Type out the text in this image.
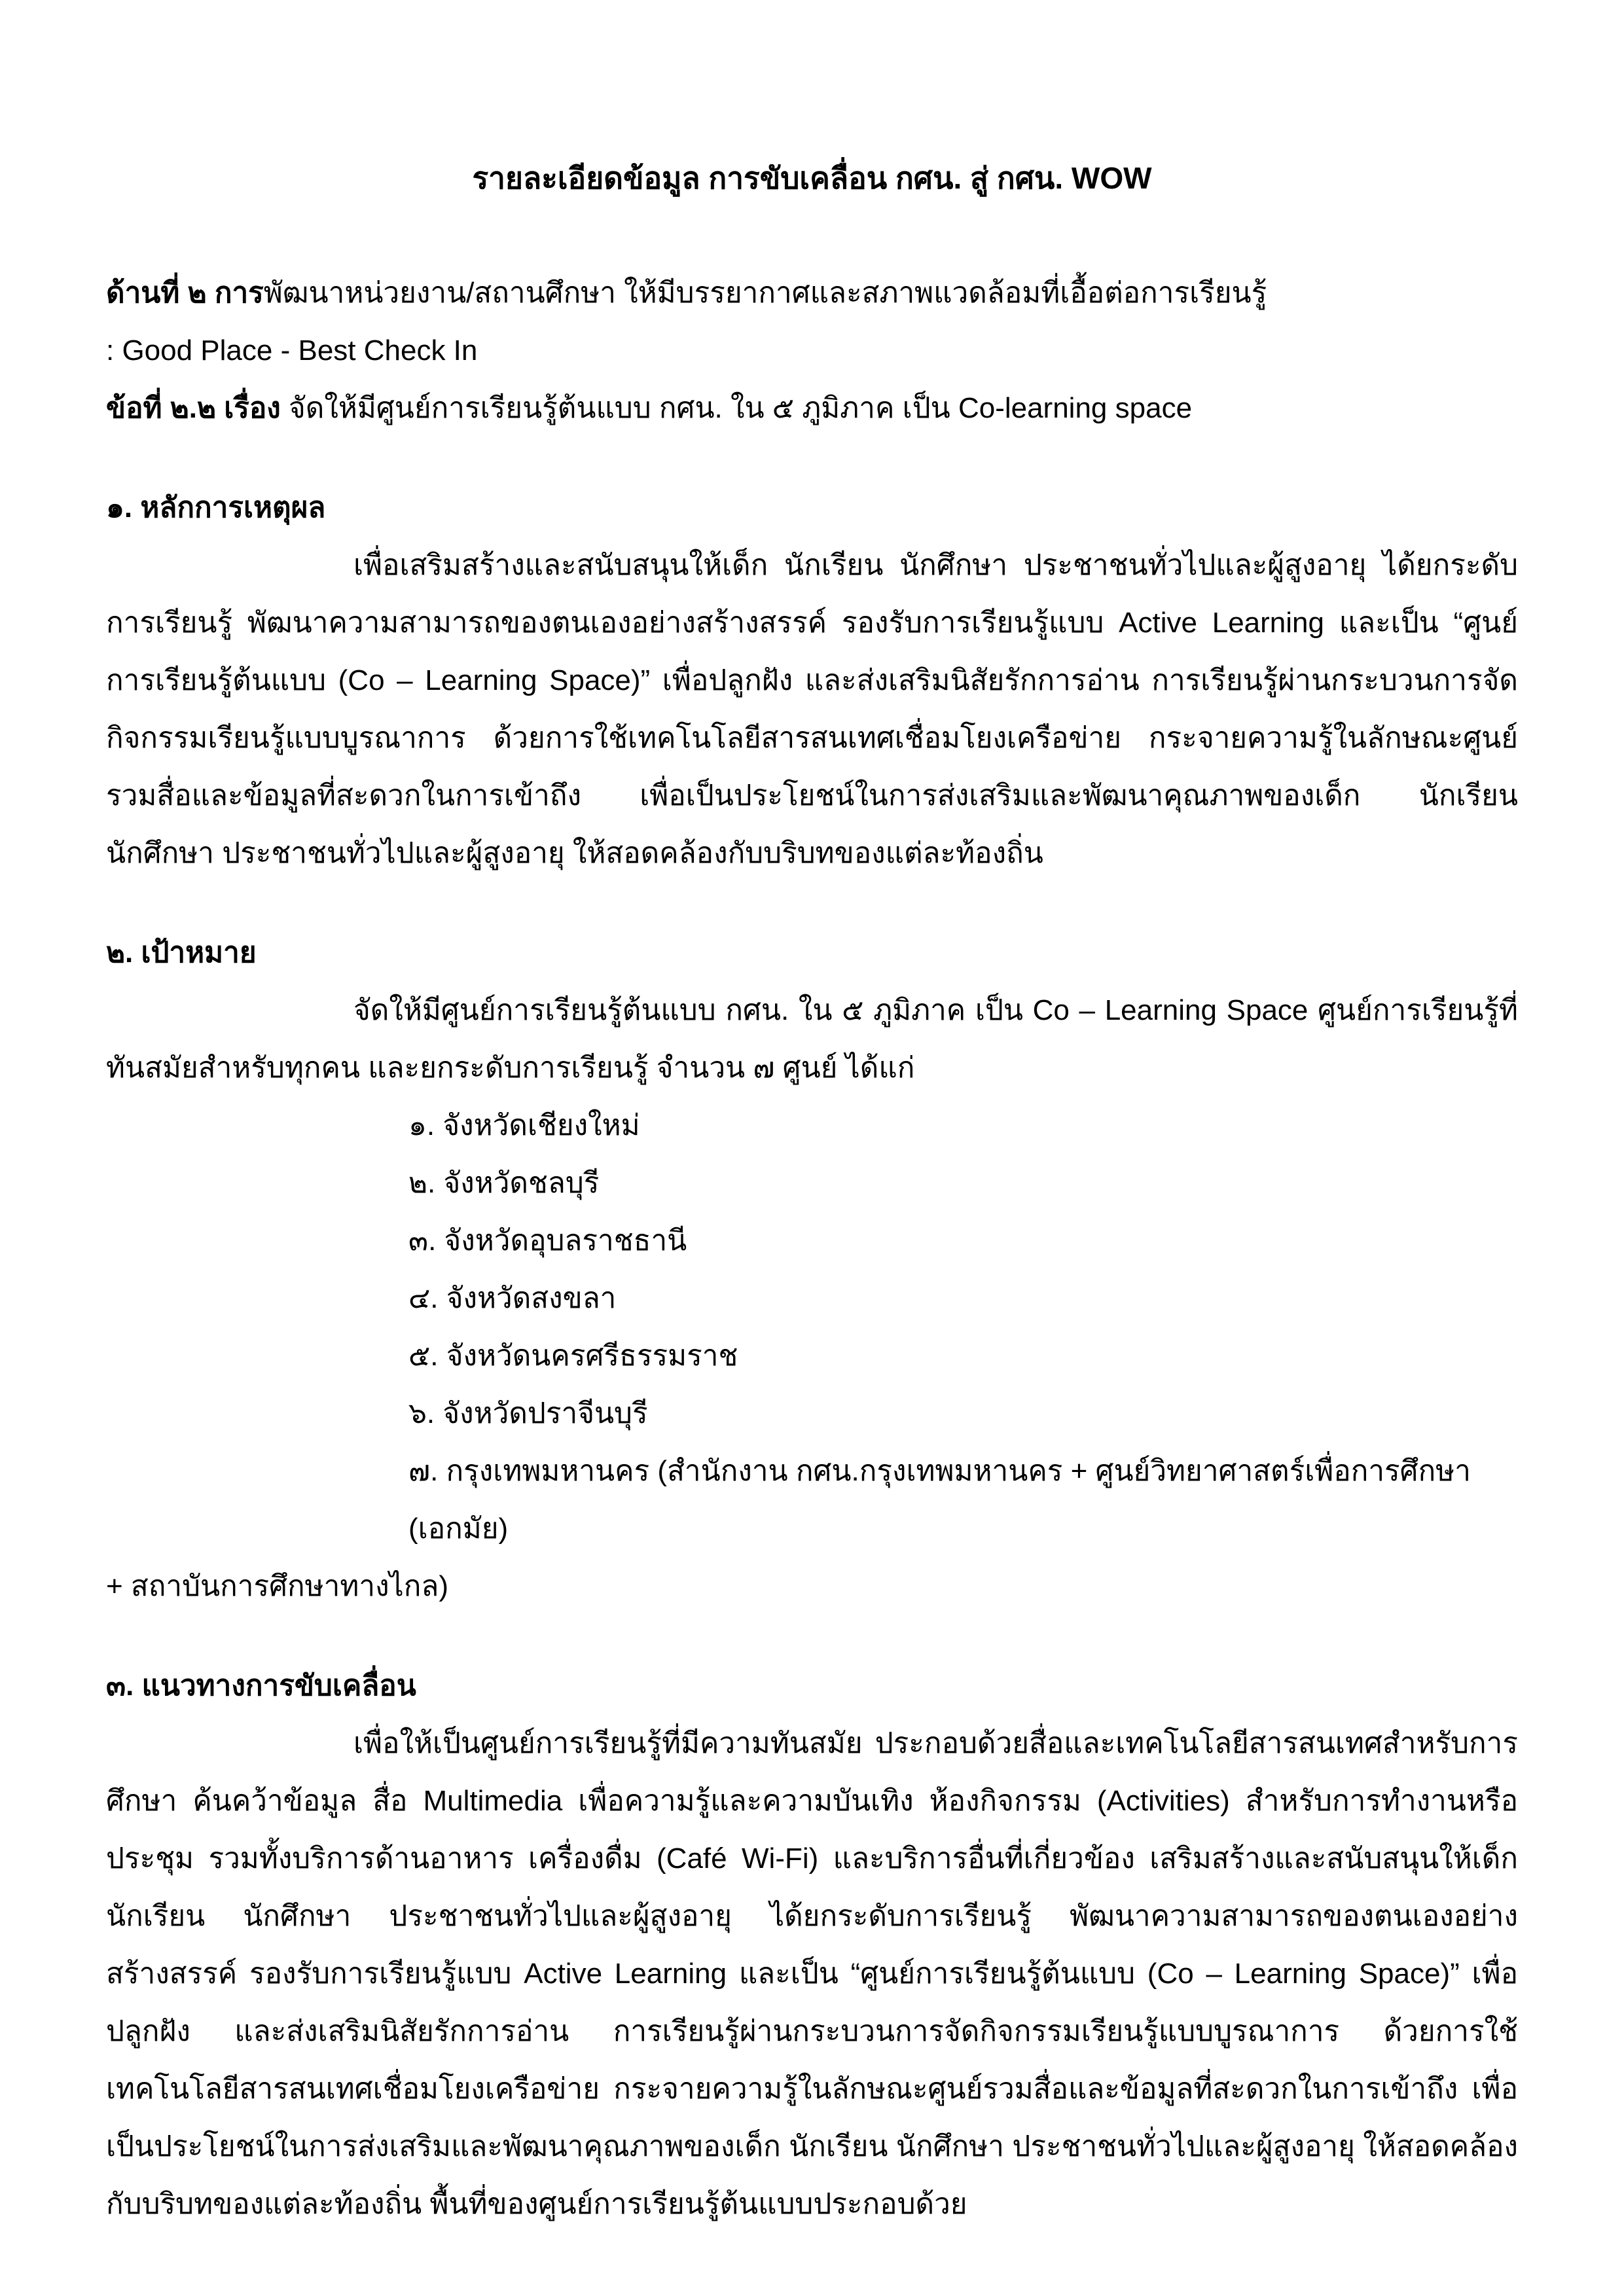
รายละเอียดข้อมูล การขับเคลื่อน กศน. สู่ กศน. WOW

ด้านที่ ๒ การพัฒนาหน่วยงาน/สถานศึกษา ให้มีบรรยากาศและสภาพแวดล้อมที่เอื้อต่อการเรียนรู้

: Good Place - Best Check In

ข้อที่ ๒.๒ เรื่อง จัดให้มีศูนย์การเรียนรู้ต้นแบบ กศน. ใน ๕ ภูมิภาค เป็น Co-learning space

๑. หลักการเหตุผล

เพื่อเสริมสร้างและสนับสนุนให้เด็ก นักเรียน นักศึกษา ประชาชนทั่วไปและผู้สูงอายุ ได้ยกระดับการเรียนรู้ พัฒนาความสามารถของตนเองอย่างสร้างสรรค์ รองรับการเรียนรู้แบบ Active Learning และเป็น “ศูนย์การเรียนรู้ต้นแบบ (Co – Learning Space)” เพื่อปลูกฝัง และส่งเสริมนิสัยรักการอ่าน การเรียนรู้ผ่านกระบวนการจัดกิจกรรมเรียนรู้แบบบูรณาการ ด้วยการใช้เทคโนโลยีสารสนเทศเชื่อมโยงเครือข่าย กระจายความรู้ในลักษณะศูนย์รวมสื่อและข้อมูลที่สะดวกในการเข้าถึง เพื่อเป็นประโยชน์ในการส่งเสริมและพัฒนาคุณภาพของเด็ก นักเรียน นักศึกษา ประชาชนทั่วไปและผู้สูงอายุ ให้สอดคล้องกับบริบทของแต่ละท้องถิ่น

๒. เป้าหมาย

จัดให้มีศูนย์การเรียนรู้ต้นแบบ กศน. ใน ๕ ภูมิภาค เป็น Co – Learning Space ศูนย์การเรียนรู้ที่ทันสมัยสำหรับทุกคน และยกระดับการเรียนรู้ จำนวน ๗ ศูนย์ ได้แก่

๑. จังหวัดเชียงใหม่
๒. จังหวัดชลบุรี
๓. จังหวัดอุบลราชธานี
๔. จังหวัดสงขลา
๕. จังหวัดนครศรีธรรมราช
๖. จังหวัดปราจีนบุรี
๗. กรุงเทพมหานคร (สำนักงาน กศน.กรุงเทพมหานคร + ศูนย์วิทยาศาสตร์เพื่อการศึกษา (เอกมัย)

+ สถาบันการศึกษาทางไกล)

๓. แนวทางการขับเคลื่อน

เพื่อให้เป็นศูนย์การเรียนรู้ที่มีความทันสมัย ประกอบด้วยสื่อและเทคโนโลยีสารสนเทศสำหรับการศึกษา ค้นคว้าข้อมูล สื่อ Multimedia เพื่อความรู้และความบันเทิง ห้องกิจกรรม (Activities) สำหรับการทำงานหรือประชุม รวมทั้งบริการด้านอาหาร เครื่องดื่ม (Café Wi-Fi) และบริการอื่นที่เกี่ยวข้อง เสริมสร้างและสนับสนุนให้เด็ก นักเรียน นักศึกษา ประชาชนทั่วไปและผู้สูงอายุ ได้ยกระดับการเรียนรู้ พัฒนาความสามารถของตนเองอย่างสร้างสรรค์ รองรับการเรียนรู้แบบ Active Learning และเป็น “ศูนย์การเรียนรู้ต้นแบบ (Co – Learning Space)” เพื่อปลูกฝัง และส่งเสริมนิสัยรักการอ่าน การเรียนรู้ผ่านกระบวนการจัดกิจกรรมเรียนรู้แบบบูรณาการ ด้วยการใช้เทคโนโลยีสารสนเทศเชื่อมโยงเครือข่าย กระจายความรู้ในลักษณะศูนย์รวมสื่อและข้อมูลที่สะดวกในการเข้าถึง เพื่อเป็นประโยชน์ในการส่งเสริมและพัฒนาคุณภาพของเด็ก นักเรียน นักศึกษา ประชาชนทั่วไปและผู้สูงอายุ ให้สอดคล้องกับบริบทของแต่ละท้องถิ่น พื้นที่ของศูนย์การเรียนรู้ต้นแบบประกอบด้วย
